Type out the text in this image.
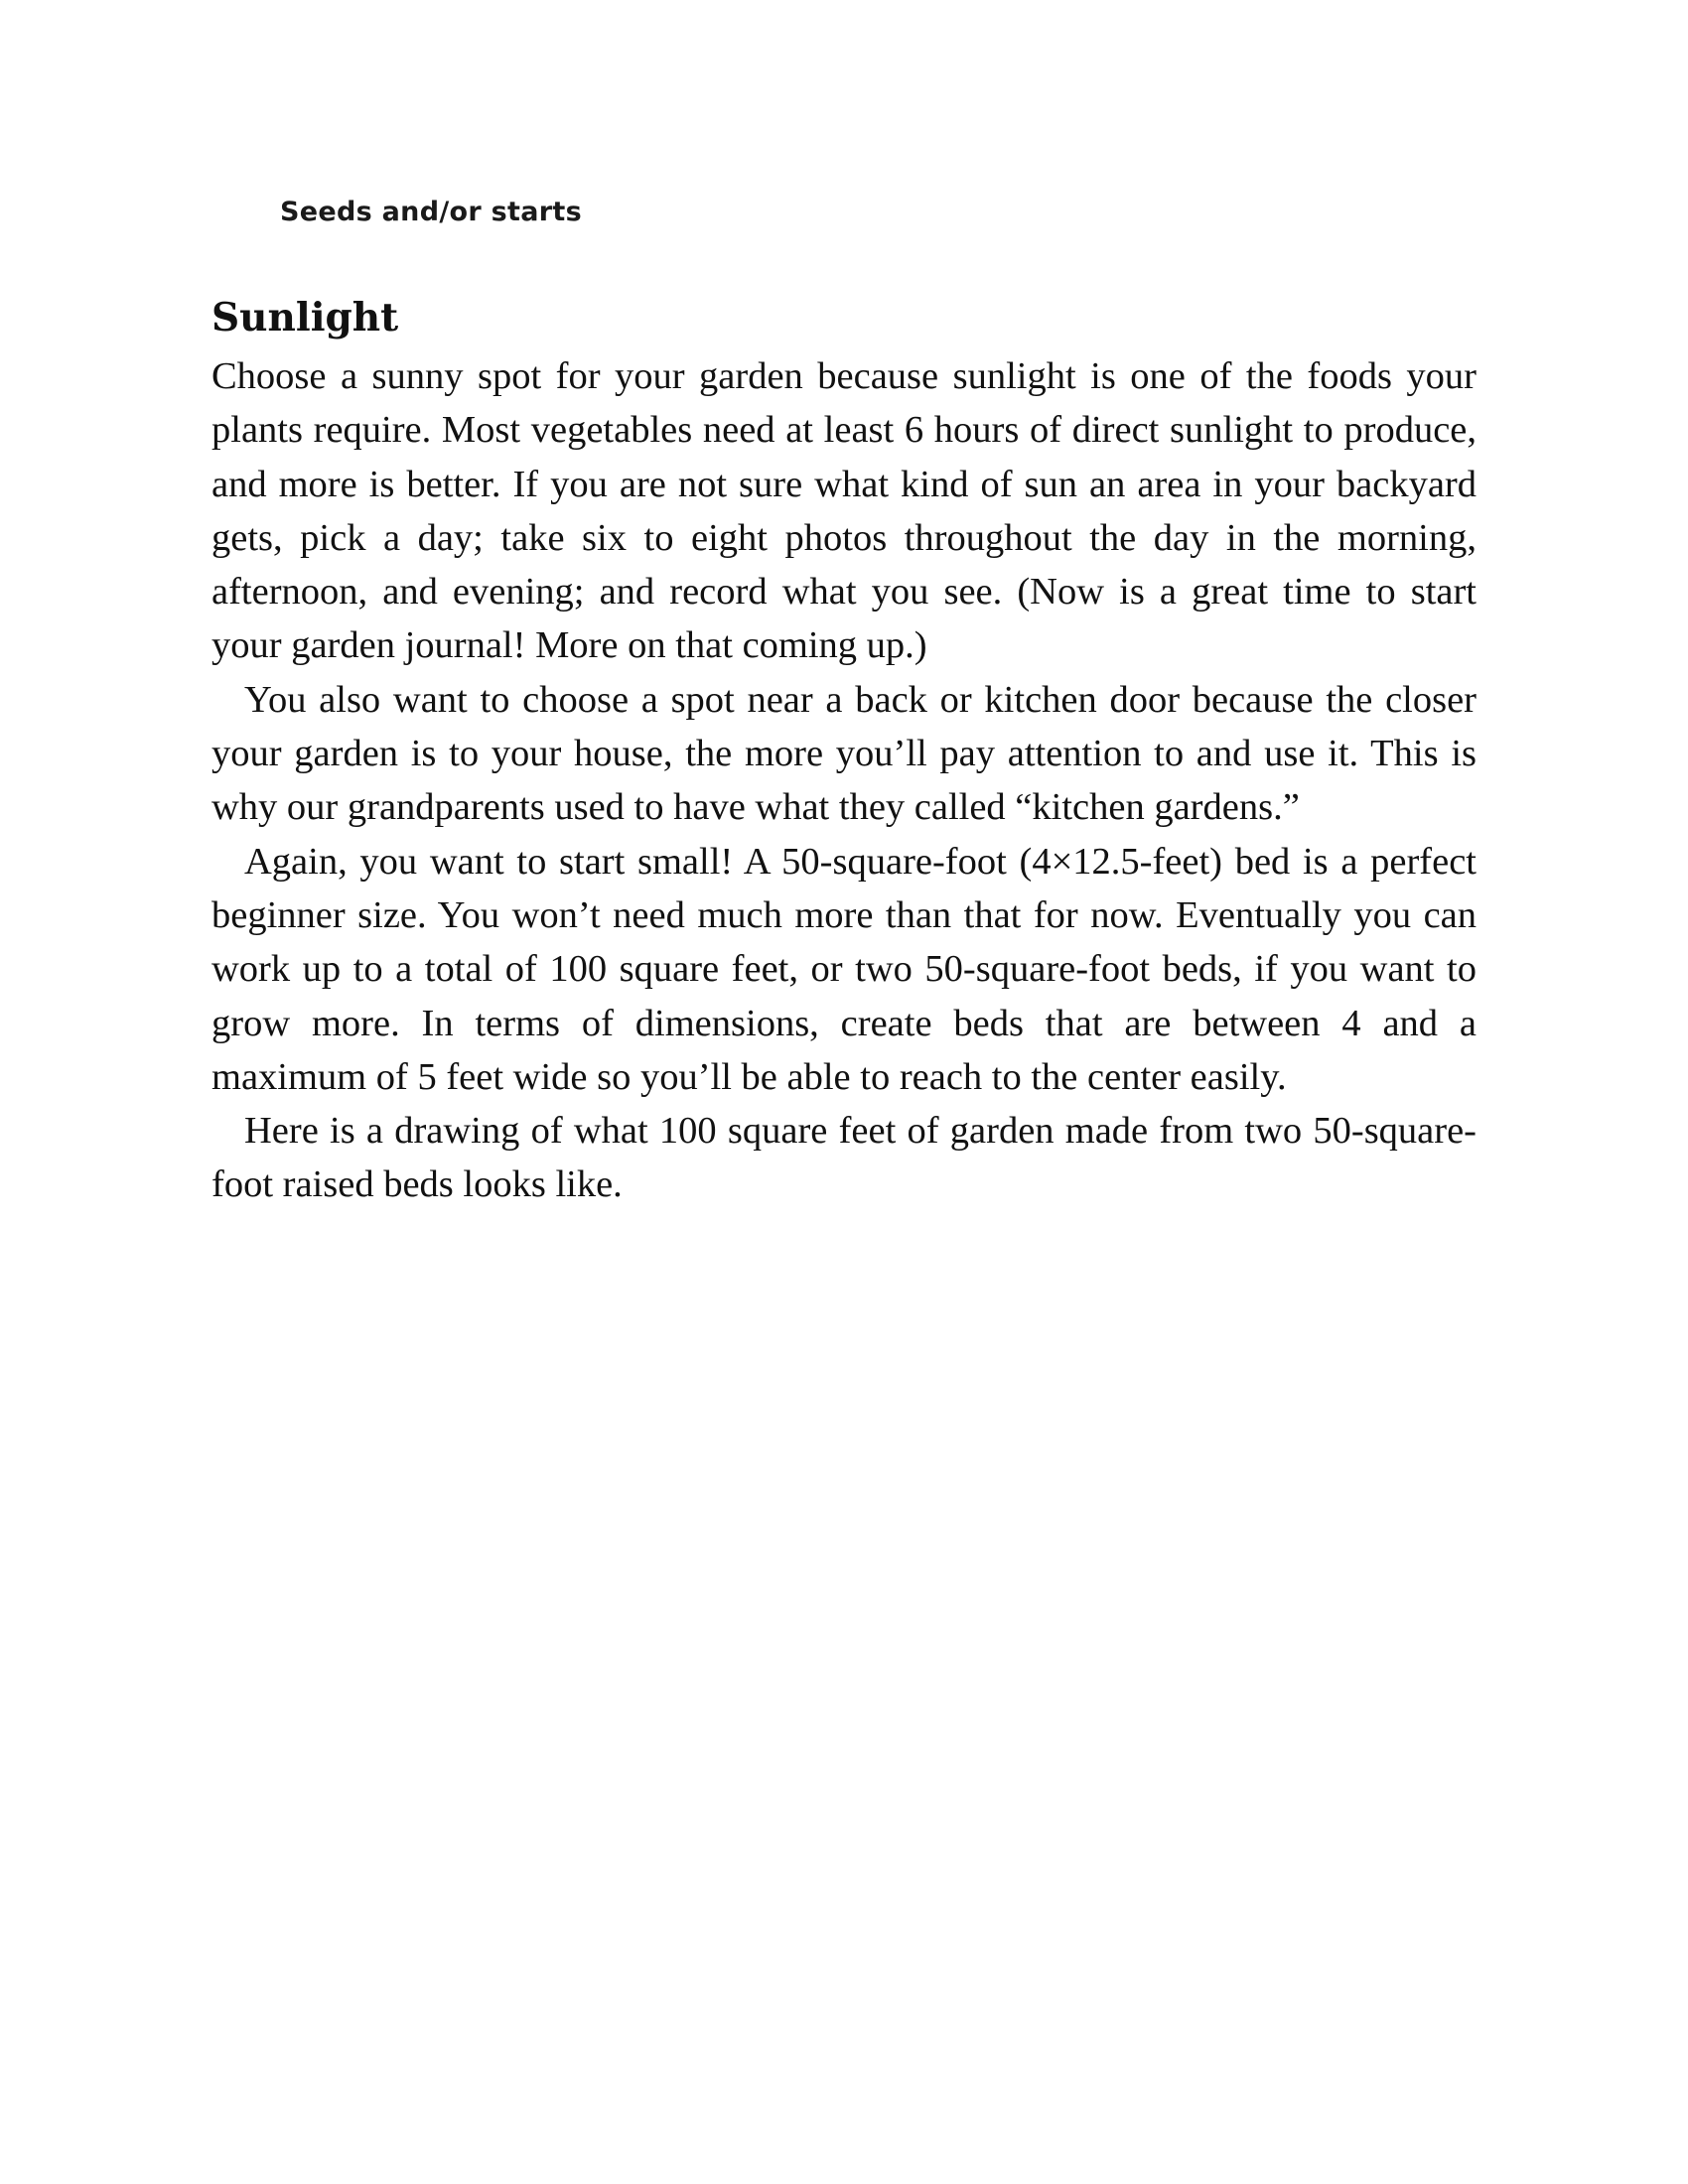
Seeds and/or starts
Sunlight

Choose a sunny spot for your garden because sunlight is one of the foods your plants require. Most vegetables need at least 6 hours of direct sunlight to produce, and more is better. If you are not sure what kind of sun an area in your backyard gets, pick a day; take six to eight photos throughout the day in the morning, afternoon, and evening; and record what you see. (Now is a great time to start your garden journal! More on that coming up.)

You also want to choose a spot near a back or kitchen door because the closer your garden is to your house, the more you’ll pay attention to and use it. This is why our grandparents used to have what they called “kitchen gardens.”

Again, you want to start small! A 50-square-foot (4×12.5-feet) bed is a perfect beginner size. You won’t need much more than that for now. Eventually you can work up to a total of 100 square feet, or two 50-square-foot beds, if you want to grow more. In terms of dimensions, create beds that are between 4 and a maximum of 5 feet wide so you’ll be able to reach to the center easily.

Here is a drawing of what 100 square feet of garden made from two 50-square-foot raised beds looks like.
